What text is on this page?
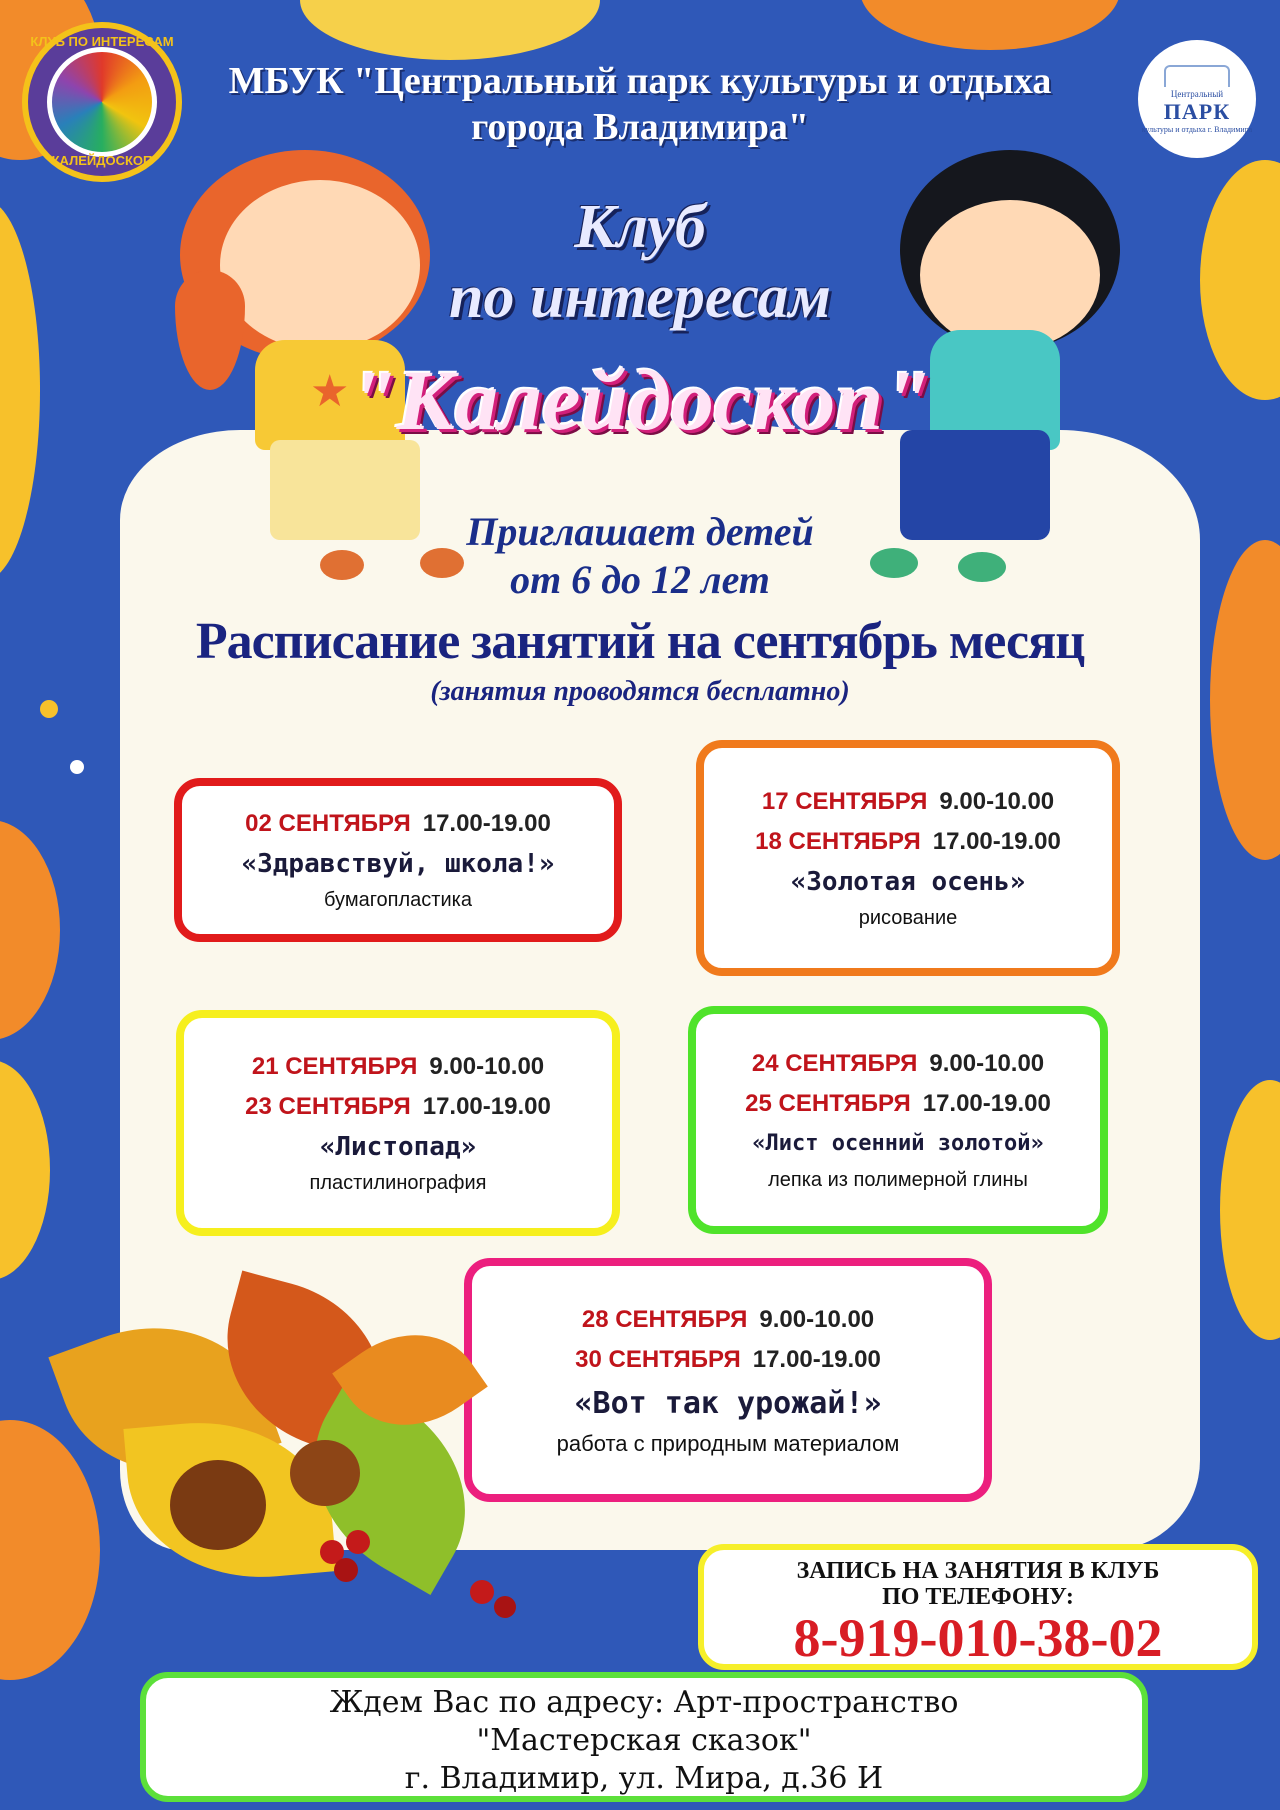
КЛУБ ПО ИНТЕРЕСАМ
"КАЛЕЙДОСКОП"
Центральный
ПАРК
культуры и отдыха г. Владимира
МБУК "Центральный парк культуры и отдыха
города Владимира"
★
Клуб
по интересам
"Калейдоскоп"
Приглашает детей
от 6 до 12 лет
Расписание занятий на сентябрь месяц
(занятия проводятся бесплатно)
02 СЕНТЯБРЯ 17.00-19.00
«Здравствуй, школа!»
бумагопластика
17 СЕНТЯБРЯ 9.00-10.00
18 СЕНТЯБРЯ 17.00-19.00
«Золотая осень»
рисование
21 СЕНТЯБРЯ 9.00-10.00
23 СЕНТЯБРЯ 17.00-19.00
«Листопад»
пластилинография
24 СЕНТЯБРЯ 9.00-10.00
25 СЕНТЯБРЯ 17.00-19.00
«Лист осенний золотой»
лепка из полимерной глины
28 СЕНТЯБРЯ 9.00-10.00
30 СЕНТЯБРЯ 17.00-19.00
«Вот так урожай!»
работа с природным материалом
ЗАПИСЬ НА ЗАНЯТИЯ В КЛУБ
ПО ТЕЛЕФОНУ:
8-919-010-38-02
Ждем Вас по адресу: Арт-пространство
"Мастерская сказок"
г. Владимир, ул. Мира, д.36 И
